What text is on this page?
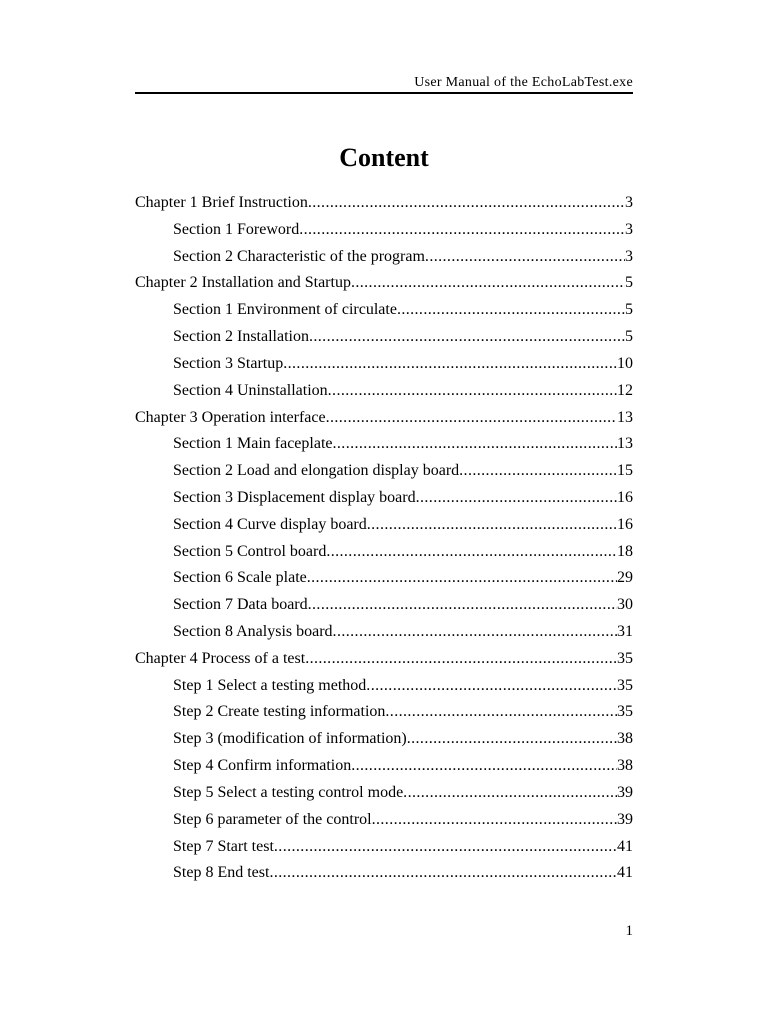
User Manual of the EchoLabTest.exe
Content
Chapter 1 Brief Instruction .....	3
Section 1 Foreword .....	3
Section 2 Characteristic of the program .....	3
Chapter 2 Installation and Startup .....	5
Section 1 Environment of circulate .....	5
Section 2 Installation .....	5
Section 3 Startup .....	10
Section 4 Uninstallation .....	12
Chapter 3 Operation interface .....	13
Section 1 Main faceplate .....	13
Section 2 Load and elongation display board .....	15
Section 3 Displacement display board .....	16
Section 4 Curve display board .....	16
Section 5 Control board .....	18
Section 6 Scale plate .....	29
Section 7 Data board .....	30
Section 8 Analysis board .....	31
Chapter 4 Process of a test .....	35
Step 1 Select a testing method .....	35
Step 2 Create testing information .....	35
Step 3 (modification of information) .....	38
Step 4 Confirm information .....	38
Step 5 Select a testing control mode .....	39
Step 6 parameter of the control .....	39
Step 7 Start test .....	41
Step 8 End test .....	41
1
